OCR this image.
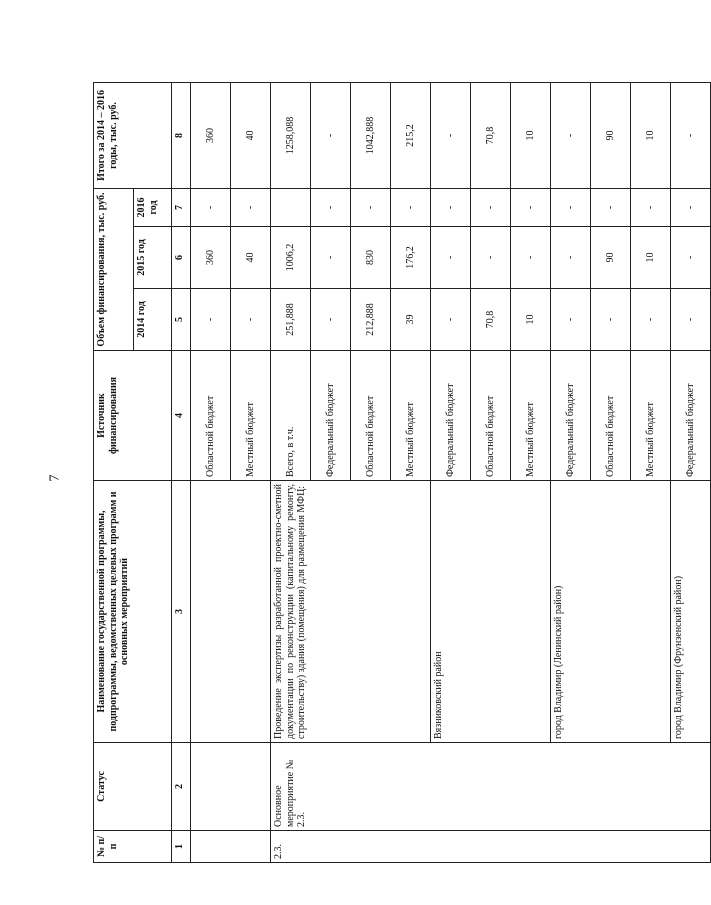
7
№ п/п	Статус	Наименование государственной программы, подпрограммы, ведомственных целевых программ и основных мероприятий	Источник финансирования	Объем финансирования, тыс. руб.			Итого за 2014 – 2016 годы, тыс. руб.
				2014 год	2015 год	2016 год	
1	2	3	4	5	6	7	8
			Областной бюджет	-	360	-	360
			Местный бюджет	-	40	-	40
2.3.	Основное мероприятие № 2.3.	Проведение экспертизы разработанной проектно-сметной документации по реконструкции (капитальному ремонту, строительству) здания (помещения) для размещения МФЦ:	Всего, в т.ч.	251,888	1006,2		1258,088
			Федеральный бюджет	-	-	-	-
			Областной бюджет	212,888	830	-	1042,888
			Местный бюджет	39	176,2	-	215,2
		Вязниковский район	Федеральный бюджет	-	-	-	-
			Областной бюджет	70,8	-	-	70,8
			Местный бюджет	10	-	-	10
		город Владимир (Ленинский район)	Федеральный бюджет	-	-	-	-
			Областной бюджет	-	90	-	90
			Местный бюджет	-	10	-	10
		город Владимир (Фрунзенский район)	Федеральный бюджет	-	-	-	-
